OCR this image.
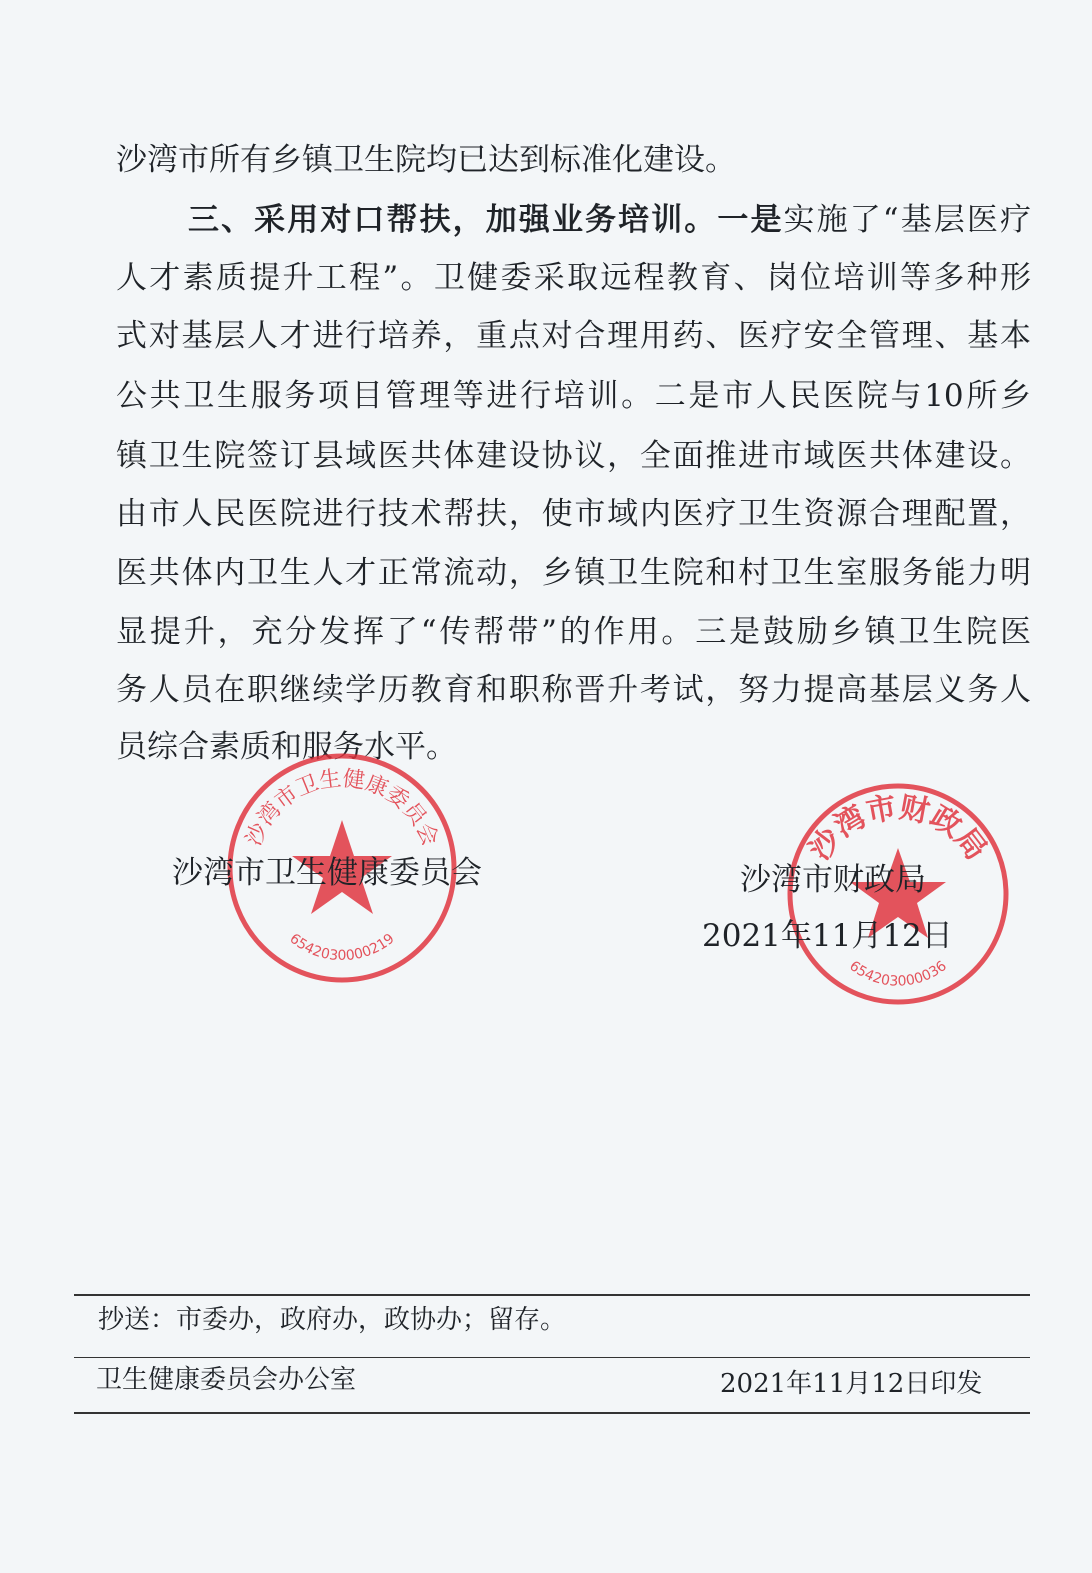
沙湾市所有乡镇卫生院均已达到标准化建设。
三、采用对口帮扶，加强业务培训。一是实施了“基层医疗
人才素质提升工程”。卫健委采取远程教育、岗位培训等多种形
式对基层人才进行培养，重点对合理用药、医疗安全管理、基本
公共卫生服务项目管理等进行培训。二是市人民医院与10所乡
镇卫生院签订县域医共体建设协议，全面推进市域医共体建设。
由市人民医院进行技术帮扶，使市域内医疗卫生资源合理配置，
医共体内卫生人才正常流动，乡镇卫生院和村卫生室服务能力明
显提升，充分发挥了“传帮带”的作用。三是鼓励乡镇卫生院医
务人员在职继续学历教育和职称晋升考试，努力提高基层义务人
员综合素质和服务水平。
沙湾市卫生健康委员会
6542030000219
沙湾市财政局
654203000036
沙湾市卫生健康委员会	沙湾市财政局
2021年11月12日
抄送：市委办，政府办，政协办；留存。
卫生健康委员会办公室	2021年11月12日印发
